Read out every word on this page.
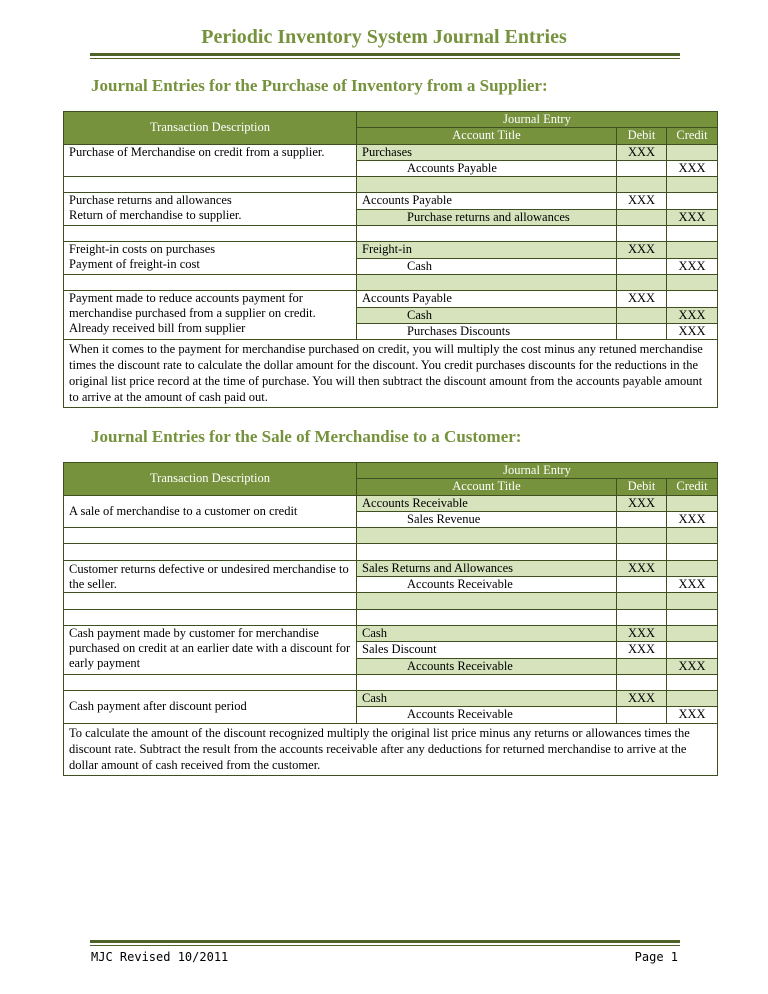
Periodic Inventory System Journal Entries
Journal Entries for the Purchase of Inventory from a Supplier:
Transaction Description	Journal Entry		
	Account Title	Debit	Credit
Purchase of Merchandise on credit from a supplier.	Purchases	XXX	
	Accounts Payable		XXX

Purchase returns and allowances
Return of merchandise to supplier.	Accounts Payable	XXX	
	Purchase returns and allowances		XXX

Freight-in costs on purchases
Payment of freight-in cost	Freight-in	XXX	
	Cash		XXX

Payment made to reduce accounts payment for merchandise purchased from a supplier on credit. Already received bill from supplier	Accounts Payable	XXX	
	Cash		XXX
	Purchases Discounts		XXX
When it comes to the payment for merchandise purchased on credit, you will multiply the cost minus any retuned merchandise times the discount rate to calculate the dollar amount for the discount. You credit purchases discounts for the reductions in the original list price record at the time of purchase. You will then subtract the discount amount from the accounts payable amount to arrive at the amount of cash paid out.			
Journal Entries for the Sale of Merchandise to a Customer:
Transaction Description	Journal Entry		
	Account Title	Debit	Credit
A sale of merchandise to a customer on credit	Accounts Receivable	XXX	
	Sales Revenue		XXX

Customer returns defective or undesired merchandise to the seller.	Sales Returns and Allowances	XXX	
	Accounts Receivable		XXX

Cash payment made by customer for merchandise purchased on credit at an earlier date with a discount for early payment	Cash	XXX	
	Sales Discount	XXX	
	Accounts Receivable		XXX

Cash payment after discount period	Cash	XXX	
	Accounts Receivable		XXX
To calculate the amount of the discount recognized multiply the original list price minus any returns or allowances times the discount rate. Subtract the result from the accounts receivable after any deductions for returned merchandise to arrive at the dollar amount of cash received from the customer.			
MJC Revised 10/2011	Page 1
